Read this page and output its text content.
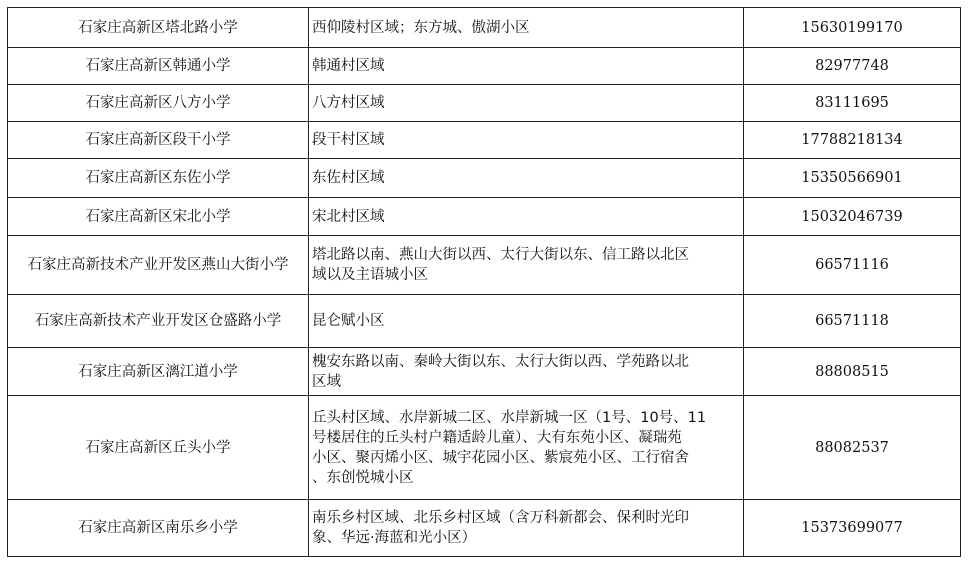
石家庄高新区塔北路小学	西仰陵村区域；东方城、傲湖小区	15630199170
石家庄高新区韩通小学	韩通村区域	82977748
石家庄高新区八方小学	八方村区域	83111695
石家庄高新区段干小学	段干村区域	17788218134
石家庄高新区东佐小学	东佐村区域	15350566901
石家庄高新区宋北小学	宋北村区域	15032046739
石家庄高新技术产业开发区燕山大街小学	塔北路以南、燕山大街以西、太行大街以东、信工路以北区
域以及主语城小区	66571116
石家庄高新技术产业开发区仓盛路小学	昆仑赋小区	66571118
石家庄高新区漓江道小学	槐安东路以南、秦岭大街以东、太行大街以西、学苑路以北
区域	88808515
石家庄高新区丘头小学	丘头村区域、水岸新城二区、水岸新城一区（1号、10号、11
号楼居住的丘头村户籍适龄儿童）、大有东苑小区、凝瑞苑
小区、聚丙烯小区、城宇花园小区、紫宸苑小区、工行宿舍
、东创悦城小区	88082537
石家庄高新区南乐乡小学	南乐乡村区域、北乐乡村区域（含万科新都会、保利时光印
象、华远·海蓝和光小区）	15373699077
